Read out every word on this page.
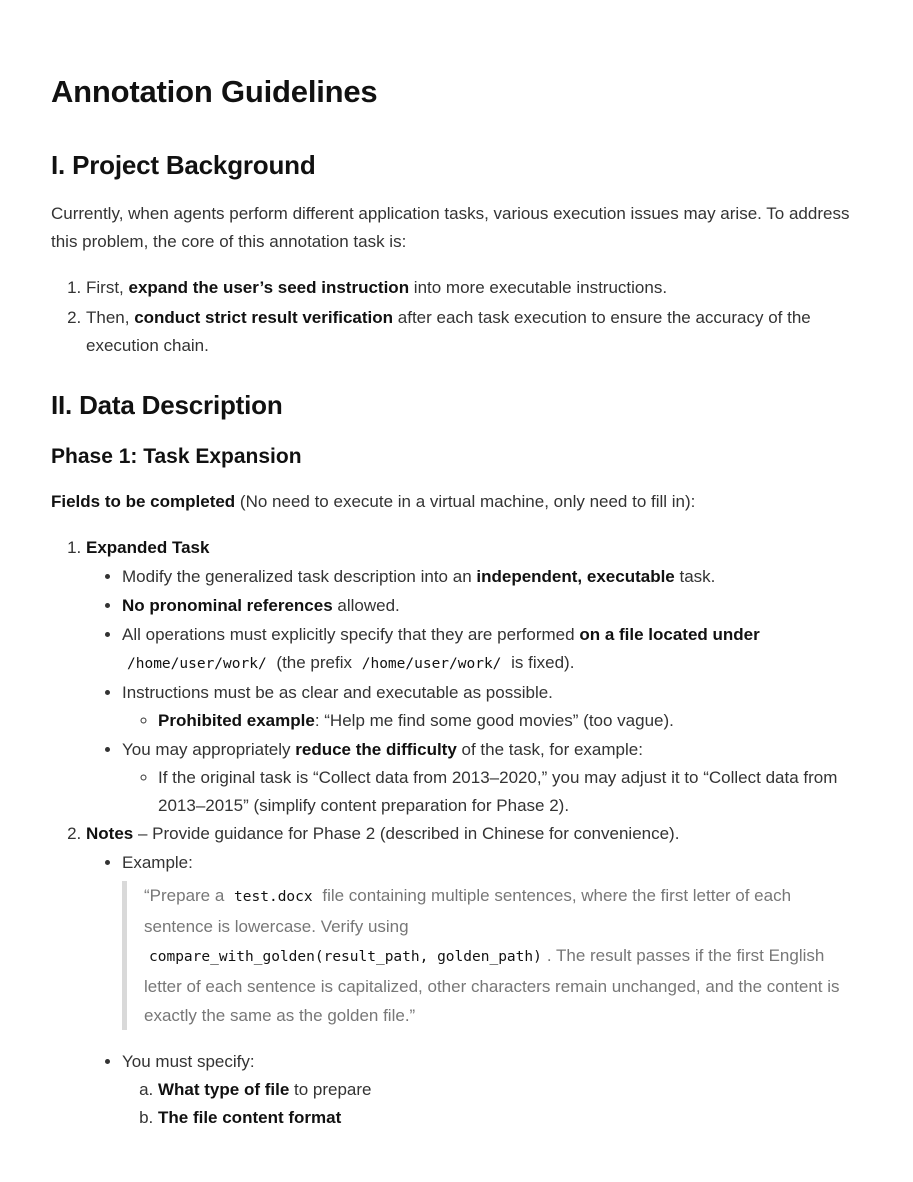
Annotation Guidelines
I. Project Background

Currently, when agents perform different application tasks, various execution issues may arise. To address this problem, the core of this annotation task is:

1. First, expand the user’s seed instruction into more executable instructions.
2. Then, conduct strict result verification after each task execution to ensure the accuracy of the execution chain.
II. Data Description
Phase 1: Task Expansion

Fields to be completed (No need to execute in a virtual machine, only need to fill in):

1. Expanded Task
• Modify the generalized task description into an independent, executable task.
• No pronominal references allowed.
• All operations must explicitly specify that they are performed on a file located under
/home/user/work/ (the prefix /home/user/work/ is fixed).
• Instructions must be as clear and executable as possible.
◦ Prohibited example: “Help me find some good movies” (too vague).
• You may appropriately reduce the difficulty of the task, for example:
◦ If the original task is “Collect data from 2013–2020,” you may adjust it to “Collect data from 2013–2015” (simplify content preparation for Phase 2).
2. Notes – Provide guidance for Phase 2 (described in Chinese for convenience).
• Example:
“Prepare a test.docx file containing multiple sentences, where the first letter of each sentence is lowercase. Verify using
compare_with_golden(result_path, golden_path) . The result passes if the first English letter of each sentence is capitalized, other characters remain unchanged, and the content is exactly the same as the golden file.”
• You must specify:
a. What type of file to prepare
b. The file content format
